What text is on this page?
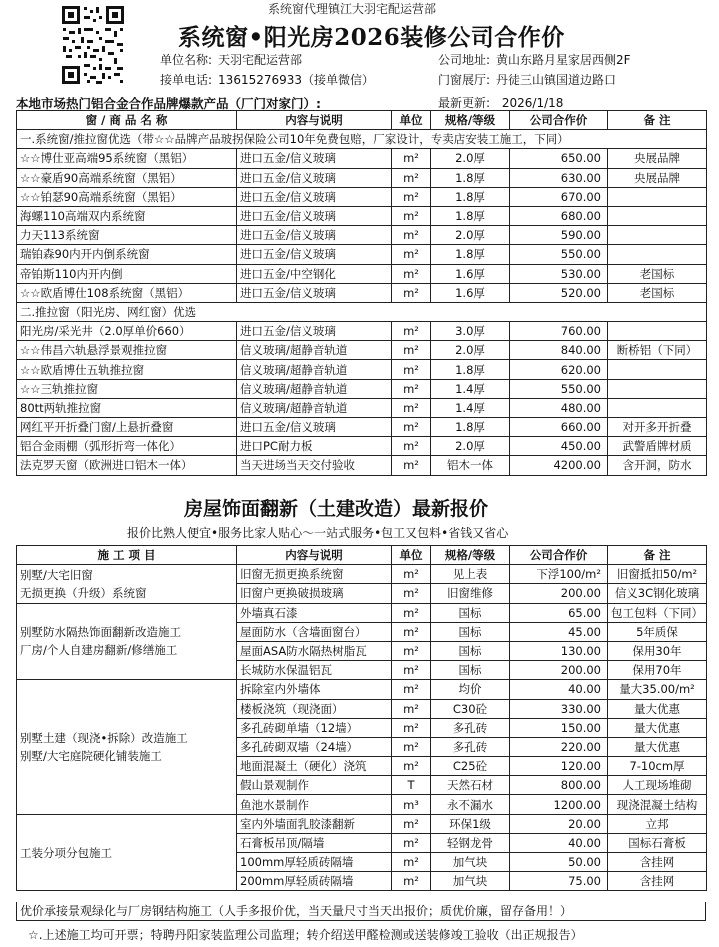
系统窗代理镇江大羽宅配运营部
系统窗•阳光房2026装修公司合作价
单位名称: 天羽宅配运营部	公司地址: 黄山东路月星家居西侧2F
接单电话: 13615276933（接单微信）	门窗展厅: 丹徒三山镇国道边路口
本地市场热门铝合金合作品牌爆款产品（厂门对家门）:	最新更新: 2026/1/18
窗 / 商 品 名 称	内容与说明	单位	规格/等级	公司合作价	备 注
一.系统窗/推拉窗优选（带☆☆品牌产品玻拐保险公司10年免费包赔，厂家设计，专卖店安装工施工，下同）					
☆☆博仕亚高端95系统窗（黑铝）	进口五金/信义玻璃	m²	2.0厚	650.00	央展品牌
☆☆豪盾90高端系统窗（黑铝）	进口五金/信义玻璃	m²	1.8厚	630.00	央展品牌
☆☆铂瑟90高端系统窗（黑铝）	进口五金/信义玻璃	m²	1.8厚	670.00	
海螺110高端双内系统窗	进口五金/信义玻璃	m²	1.8厚	680.00	
力天113系统窗	进口五金/信义玻璃	m²	2.0厚	590.00	
瑞铂森90内开内倒系统窗	进口五金/信义玻璃	m²	1.8厚	550.00	
帝铂斯110内开内倒	进口五金/中空钢化	m²	1.6厚	530.00	老国标
☆☆欧盾博仕108系统窗（黑铝）	进口五金/信义玻璃	m²	1.6厚	520.00	老国标
二.推拉窗（阳光房、网红窗）优选					
阳光房/采光井（2.0厚单价660）	进口五金/信义玻璃	m²	3.0厚	760.00	
☆☆伟昌六轨悬浮景观推拉窗	信义玻璃/超静音轨道	m²	2.0厚	840.00	断桥铝（下同）
☆☆欧盾博仕五轨推拉窗	信义玻璃/超静音轨道	m²	1.8厚	620.00	
☆☆三轨推拉窗	信义玻璃/超静音轨道	m²	1.4厚	550.00	
80tt两轨推拉窗	信义玻璃/超静音轨道	m²	1.4厚	480.00	
网红平开折叠门窗/上悬折叠窗	进口五金/信义玻璃	m²	1.8厚	660.00	对开多开折叠
铝合金雨棚（弧形折弯一体化）	进口PC耐力板	m²	2.0厚	450.00	武警盾牌材质
法克罗天窗（欧洲进口铝木一体）	当天进场当天交付验收	m²	铝木一体	4200.00	含开洞，防水
房屋饰面翻新（土建改造）最新报价
报价比熟人便宜•服务比家人贴心～一站式服务•包工又包料•省钱又省心
施 工 项 目	内容与说明	单位	规格/等级	公司合作价	备 注
别墅/大宅旧窗
无损更换（升级）系统窗	旧窗无损更换系统窗	m²	见上表	下浮100/m²	旧窗抵扣50/m²
	旧窗户更换破损玻璃	m²	旧窗维修	200.00	信义3C钢化玻璃
别墅防水隔热饰面翻新改造施工
厂房/个人自建房翻新/修缮施工	外墙真石漆	m²	国标	65.00	包工包料（下同）
	屋面防水（含墙面窗台）	m²	国标	45.00	5年质保
	屋面ASA防水隔热树脂瓦	m²	国标	130.00	保用30年
	长城防水保温铝瓦	m²	国标	200.00	保用70年
别墅土建（现浇•拆除）改造施工
别墅/大宅庭院硬化铺装施工	拆除室内外墙体	m²	均价	40.00	量大35.00/m²
	楼板浇筑（现浇面）	m²	C30砼	330.00	量大优惠
	多孔砖砌单墙（12墙）	m²	多孔砖	150.00	量大优惠
	多孔砖砌双墙（24墙）	m²	多孔砖	220.00	量大优惠
	地面混凝土（硬化）浇筑	m²	C25砼	120.00	7-10cm厚
	假山景观制作	T	天然石材	800.00	人工现场堆砌
	鱼池水景制作	m³	永不漏水	1200.00	现浇混凝土结构
工装分项分包施工	室内外墙面乳胶漆翻新	m²	环保1级	20.00	立邦
	石膏板吊顶/隔墙	m²	轻钢龙骨	40.00	国标石膏板
	100mm厚轻质砖隔墙	m²	加气块	50.00	含挂网
	200mm厚轻质砖隔墙	m²	加气块	75.00	含挂网
优价承接景观绿化与厂房钢结构施工（人手多报价优，当天量尺寸当天出报价；质优价廉，留存备用！）
☆.上述施工均可开票；特聘丹阳家装监理公司监理；转介绍送甲醛检测或送装修竣工验收（出正规报告）
